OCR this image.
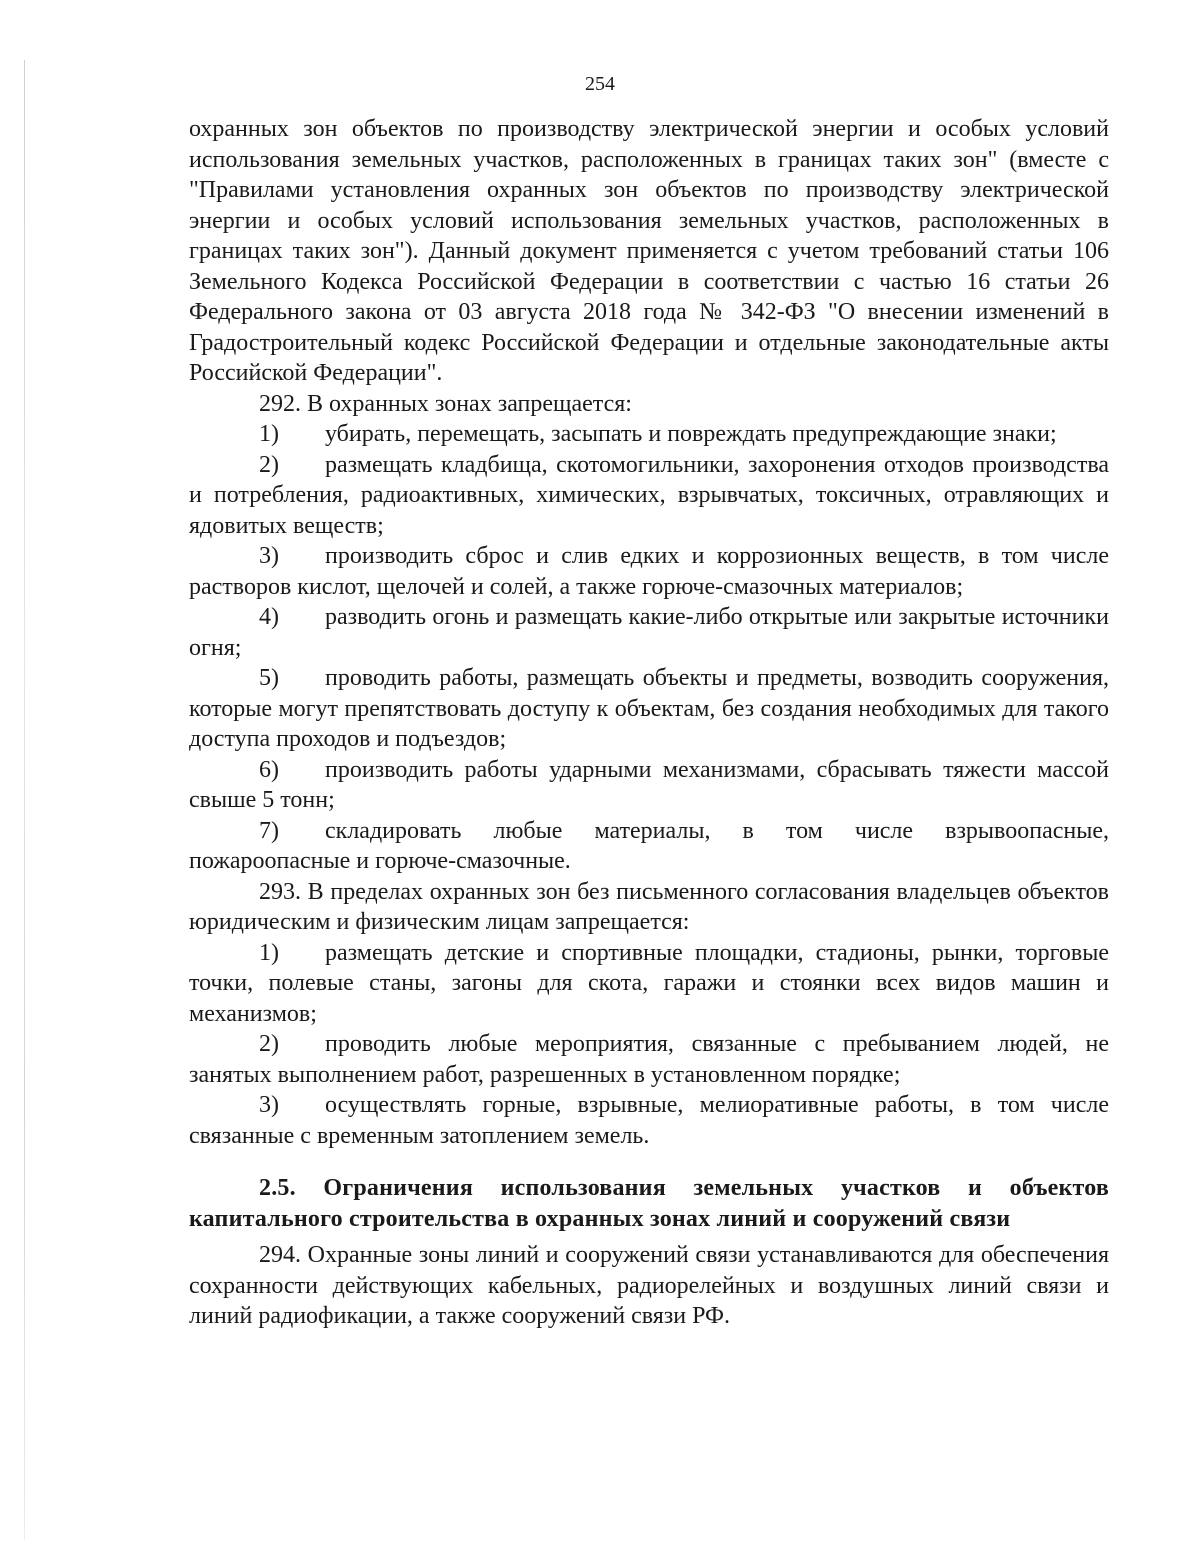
254

охранных зон объектов по производству электрической энергии и особых условий использования земельных участков, расположенных в границах таких зон" (вместе с "Правилами установления охранных зон объектов по производству электрической энергии и особых условий использования земельных участков, расположенных в границах таких зон"). Данный документ применяется с учетом требований статьи 106 Земельного Кодекса Российской Федерации в соответствии с частью 16 статьи 26 Федерального закона от 03 августа 2018 года № 342-ФЗ "О внесении изменений в Градостроительный кодекс Российской Федерации и отдельные законодательные акты Российской Федерации".

292. В охранных зонах запрещается:

1) убирать, перемещать, засыпать и повреждать предупреждающие знаки;
2) размещать кладбища, скотомогильники, захоронения отходов производства и потребления, радиоактивных, химических, взрывчатых, токсичных, отравляющих и ядовитых веществ;
3) производить сброс и слив едких и коррозионных веществ, в том числе растворов кислот, щелочей и солей, а также горюче-смазочных материалов;
4) разводить огонь и размещать какие-либо открытые или закрытые источники огня;
5) проводить работы, размещать объекты и предметы, возводить сооружения, которые могут препятствовать доступу к объектам, без создания необходимых для такого доступа проходов и подъездов;
6) производить работы ударными механизмами, сбрасывать тяжести массой свыше 5 тонн;
7) складировать любые материалы, в том числе взрывоопасные, пожароопасные и горюче-смазочные.

293. В пределах охранных зон без письменного согласования владельцев объектов юридическим и физическим лицам запрещается:

1) размещать детские и спортивные площадки, стадионы, рынки, торговые точки, полевые станы, загоны для скота, гаражи и стоянки всех видов машин и механизмов;
2) проводить любые мероприятия, связанные с пребыванием людей, не занятых выполнением работ, разрешенных в установленном порядке;
3) осуществлять горные, взрывные, мелиоративные работы, в том числе связанные с временным затоплением земель.

2.5. Ограничения использования земельных участков и объектов капитального строительства в охранных зонах линий и сооружений связи

294. Охранные зоны линий и сооружений связи устанавливаются для обеспечения сохранности действующих кабельных, радиорелейных и воздушных линий связи и линий радиофикации, а также сооружений связи РФ.
